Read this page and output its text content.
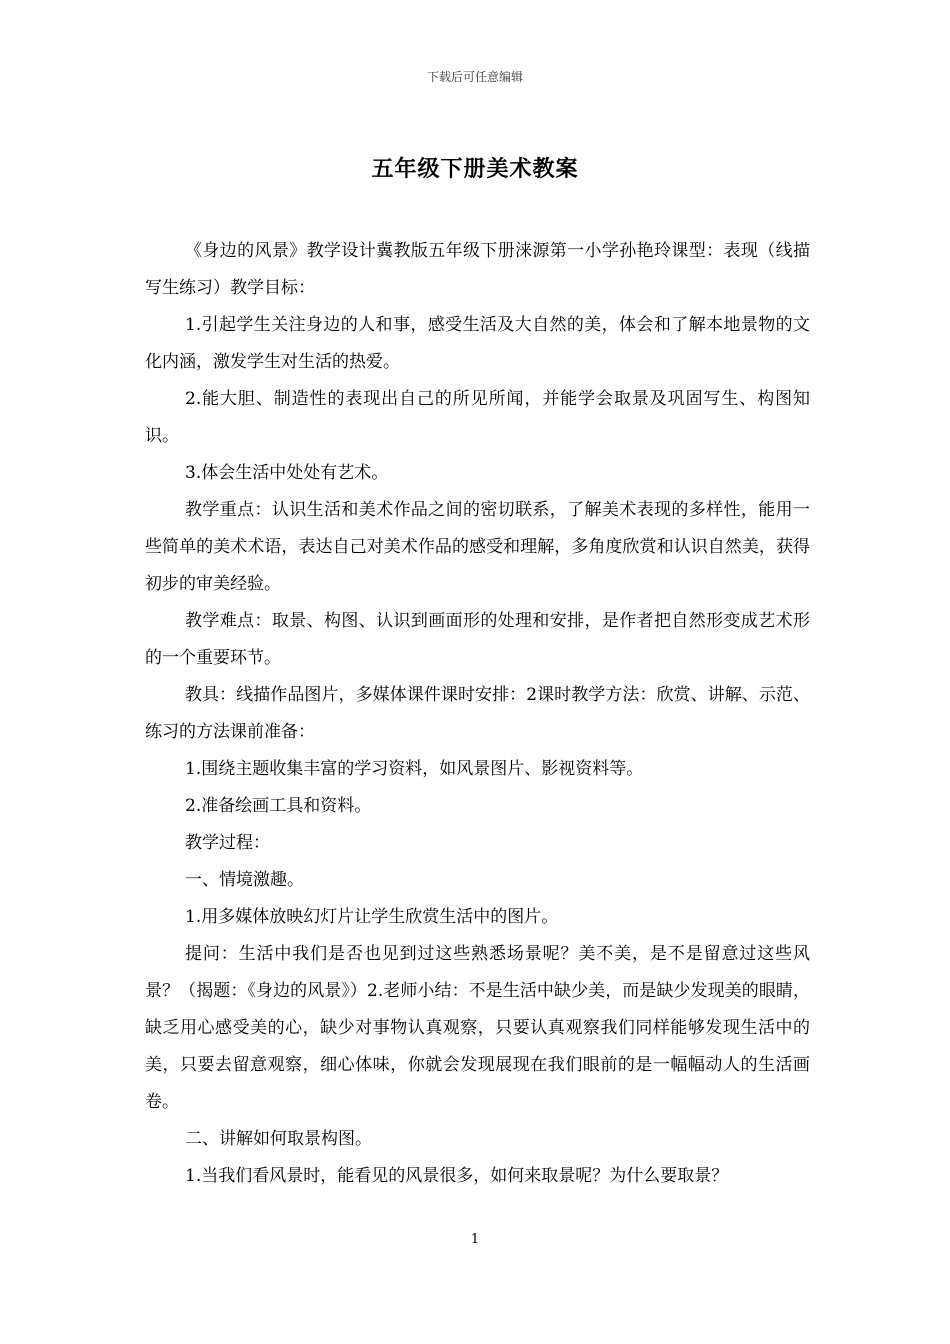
下载后可任意编辑
五年级下册美术教案

《身边的风景》教学设计冀教版五年级下册涞源第一小学孙艳玲课型：表现（线描写生练习）教学目标：

1.引起学生关注身边的人和事，感受生活及大自然的美，体会和了解本地景物的文化内涵，激发学生对生活的热爱。

2.能大胆、制造性的表现出自己的所见所闻，并能学会取景及巩固写生、构图知识。

3.体会生活中处处有艺术。

教学重点：认识生活和美术作品之间的密切联系，了解美术表现的多样性，能用一些简单的美术术语，表达自己对美术作品的感受和理解，多角度欣赏和认识自然美，获得初步的审美经验。

教学难点：取景、构图、认识到画面形的处理和安排，是作者把自然形变成艺术形的一个重要环节。

教具：线描作品图片，多媒体课件课时安排：2课时教学方法：欣赏、讲解、示范、练习的方法课前准备：

1.围绕主题收集丰富的学习资料，如风景图片、影视资料等。

2.准备绘画工具和资料。

教学过程：

一、情境激趣。

1.用多媒体放映幻灯片让学生欣赏生活中的图片。

提问：生活中我们是否也见到过这些熟悉场景呢？美不美，是不是留意过这些风景？（揭题：《身边的风景》）2.老师小结：不是生活中缺少美，而是缺少发现美的眼睛，缺乏用心感受美的心，缺少对事物认真观察，只要认真观察我们同样能够发现生活中的美，只要去留意观察，细心体味，你就会发现展现在我们眼前的是一幅幅动人的生活画卷。

二、讲解如何取景构图。

1.当我们看风景时，能看见的风景很多，如何来取景呢？为什么要取景？

1
